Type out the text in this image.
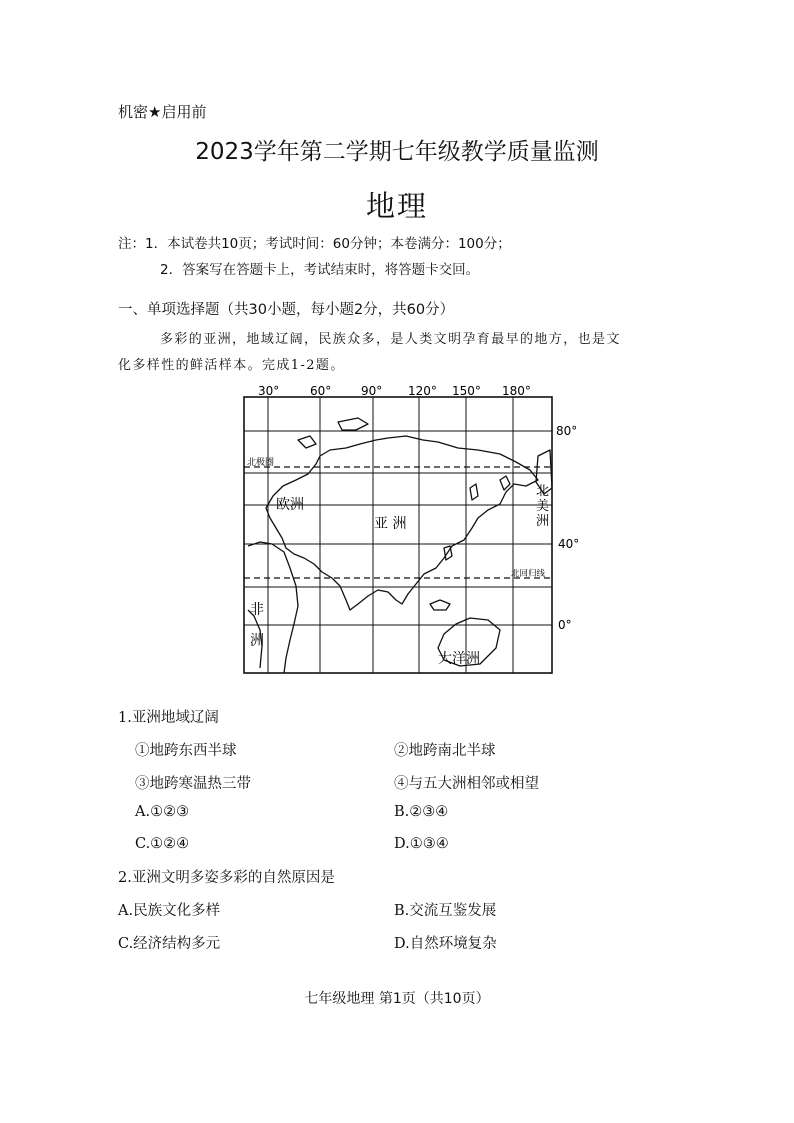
机密★启用前
2023学年第二学期七年级教学质量监测
地理
注：1．本试卷共10页；考试时间：60分钟；本卷满分：100分；
2．答案写在答题卡上，考试结束时，将答题卡交回。
一、单项选择题（共30小题，每小题2分，共60分）
多彩的亚洲，地域辽阔，民族众多，是人类文明孕育最早的地方，也是文
化多样性的鲜活样本。完成1-2题。
30°	60° 90° 120° 150° 180°
80°
40°
0°
北极圈
北回归线
欧洲
亚 洲
非
洲
大洋洲
北
美
洲
1.亚洲地域辽阔
①地跨东西半球	②地跨南北半球
③地跨寒温热三带	④与五大洲相邻或相望
A.①②③	B.②③④
C.①②④	D.①③④
2.亚洲文明多姿多彩的自然原因是
A.民族文化多样	B.交流互鉴发展
C.经济结构多元	D.自然环境复杂
七年级地理 第1页（共10页）
